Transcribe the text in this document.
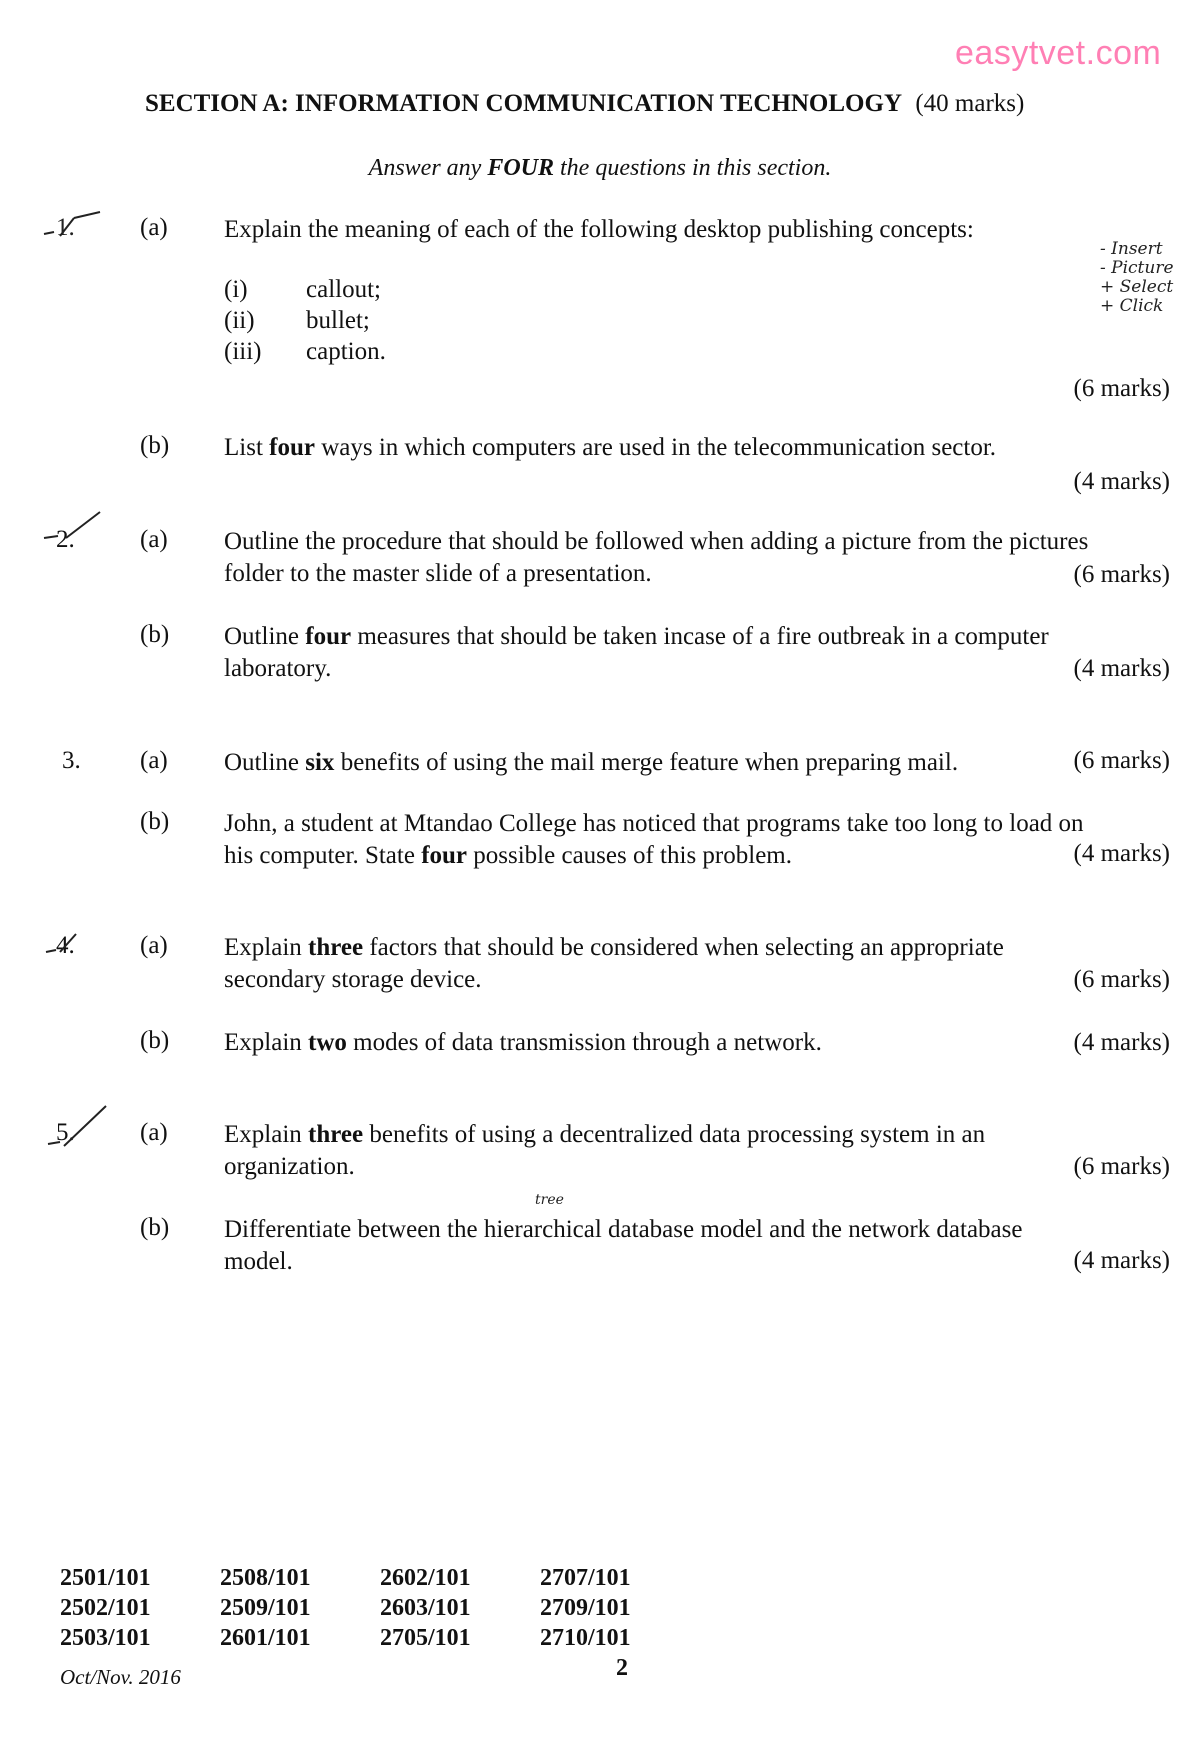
easytvet.com
SECTION A: INFORMATION COMMUNICATION TECHNOLOGY (40 marks)
Answer any FOUR the questions in this section.
1.	(a) Explain the meaning of each of the following desktop publishing concepts:
(i) callout;
(ii) bullet;
(iii) caption.
- Insert
- Picture
+ Select
+ Click
(6 marks)
(b) List four ways in which computers are used in the telecommunication sector.
(4 marks)
2.	(a) Outline the procedure that should be followed when adding a picture from the pictures
folder to the master slide of a presentation.	(6 marks)
(b) Outline four measures that should be taken incase of a fire outbreak in a computer
laboratory.	(4 marks)
3. (a) Outline six benefits of using the mail merge feature when preparing mail.	(6 marks)
(b) John, a student at Mtandao College has noticed that programs take too long to load on
his computer. State four possible causes of this problem.	(4 marks)
4.	(a) Explain three factors that should be considered when selecting an appropriate
secondary storage device.	(6 marks)
(b) Explain two modes of data transmission through a network.	(4 marks)
5.	(a) Explain three benefits of using a decentralized data processing system in an
organization.	(6 marks)
tree
(b) Differentiate between the hierarchical database model and the network database
model.	(4 marks)
2501/101	2508/101	2602/101	2707/101
2502/101	2509/101	2603/101	2709/101
2503/101	2601/101	2705/101	2710/101
Oct/Nov. 2016	2
